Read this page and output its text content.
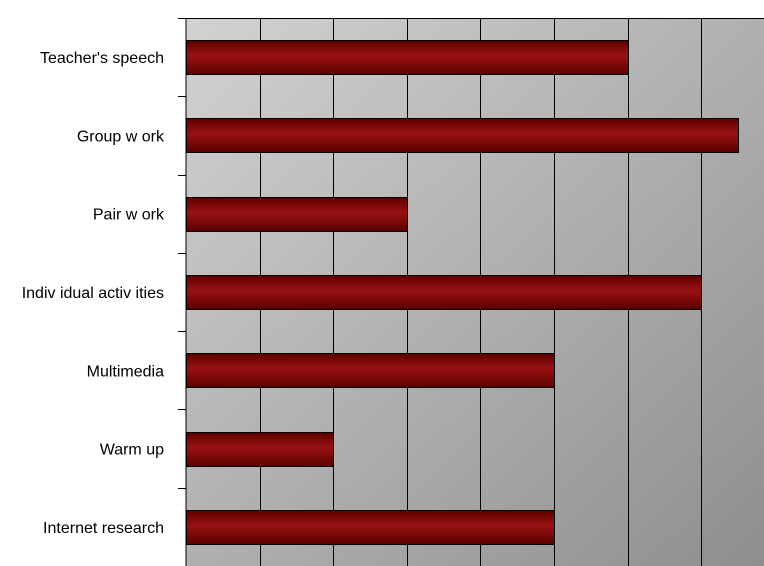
Teacher's speech
Group w ork
Pair w ork
Indiv idual activ ities
Multimedia
Warm up
Internet research
